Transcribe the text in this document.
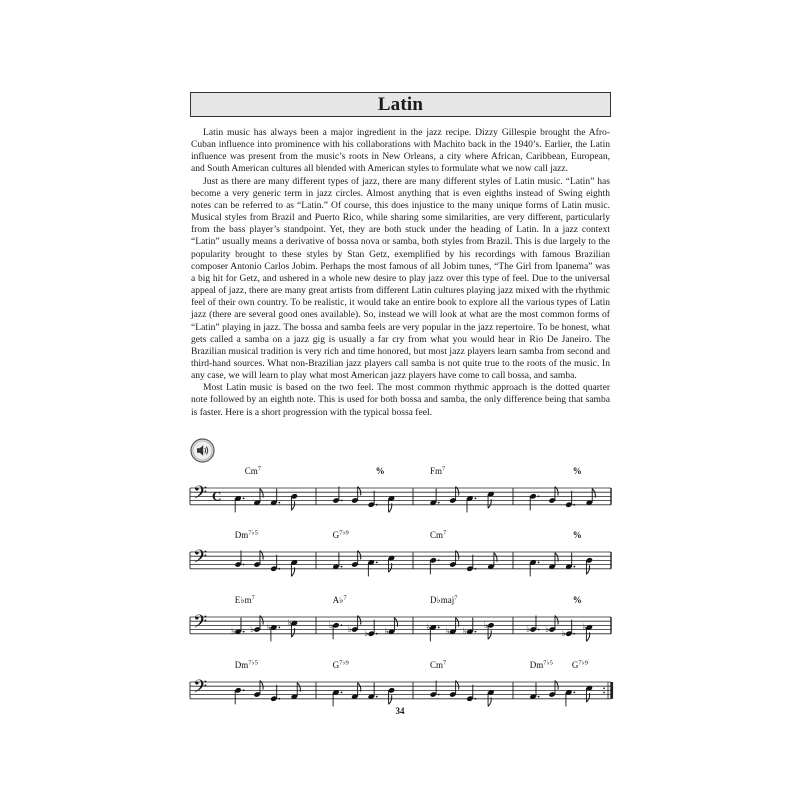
Latin

Latin music has always been a major ingredient in the jazz recipe. Dizzy Gillespie brought the Afro-Cuban influence into prominence with his collaborations with Machito back in the 1940’s. Earlier, the Latin influence was present from the music’s roots in New Orleans, a city where African, Caribbean, European, and South American cultures all blended with American styles to formulate what we now call jazz.

Just as there are many different types of jazz, there are many different styles of Latin music. “Latin” has become a very generic term in jazz circles. Almost anything that is even eighths instead of Swing eighth notes can be referred to as “Latin.” Of course, this does injustice to the many unique forms of Latin music. Musical styles from Brazil and Puerto Rico, while sharing some similarities, are very different, particularly from the bass player’s standpoint. Yet, they are both stuck under the heading of Latin. In a jazz context “Latin” usually means a derivative of bossa nova or samba, both styles from Brazil. This is due largely to the popularity brought to these styles by Stan Getz, exemplified by his recordings with famous Brazilian composer Antonio Carlos Jobim. Perhaps the most famous of all Jobim tunes, “The Girl from Ipanema” was a big hit for Getz, and ushered in a whole new desire to play jazz over this type of feel. Due to the universal appeal of jazz, there are many great artists from different Latin cultures playing jazz mixed with the rhythmic feel of their own country. To be realistic, it would take an entire book to explore all the various types of Latin jazz (there are several good ones available). So, instead we will look at what are the most common forms of “Latin” playing in jazz. The bossa and samba feels are very popular in the jazz repertoire. To be honest, what gets called a samba on a jazz gig is usually a far cry from what you would hear in Rio De Janeiro. The Brazilian musical tradition is very rich and time honored, but most jazz players learn samba from second and third-hand sources. What non-Brazilian jazz players call samba is not quite true to the roots of the music. In any case, we will learn to play what most American jazz players have come to call bossa, and samba.

Most Latin music is based on the two feel. The most common rhythmic approach is the dotted quarter note followed by an eighth note. This is used for both bossa and samba, the only difference being that samba is faster. Here is a short progression with the typical bossa feel.

𝄢 C
Cm$^7$	%	Fm$^7$	%
𝄢
$Dm^{7♭5}$	$G^{7♭9}$	Cm$^7$	%
𝄢
$E♭m^7$	A♭$^7$	D♭maj$^7$	%
♭ ♭ ♭ ♭	♭ ♭ ♭ ♭	♭ ♭ ♭
♭	♭ ♭ ♭
♭
𝄢
$Dm^{7♭5}$	$G^{7♭9}$	Cm$^7$	$Dm^{7♭5}$ $G^{7♭9}$
34
